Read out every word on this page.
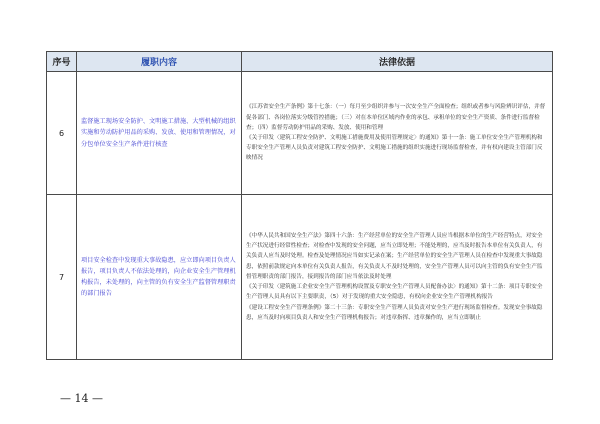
序号	履职内容	法律依据
6	监督施工现场安全防护、文明施工措施、大型机械的组织实施和劳动防护用品的采购、发放、使用和管理情况，对分包单位安全生产条件进行核查	《江苏省安全生产条例》第十七条：（一）每月至少组织并参与一次安全生产全面检查；组织或者参与风险辨识评估，并督促各部门、各岗位落实分级管控措施；（三）对在本单位区域内作业的承包、承租单位的安全生产资质、条件进行监督检查；（四）监督劳动防护用品的采购、发放、使用和管理
《关于印发〈建筑工程安全防护、文明施工措施费用及使用管理规定〉的通知》第十一条：施工单位安全生产管理机构和专职安全生产管理人员负责对建筑工程安全防护、文明施工措施的组织实施进行现场监督检查，并有权向建设主管部门反映情况

7	项目安全检查中发现重大事故隐患，应立即向项目负责人报告，项目负责人不依法处理的，向企业安全生产管理机构报告，未处理的，向主管的负有安全生产监督管理职责的部门报告	《中华人民共和国安全生产法》第四十六条：生产经营单位的安全生产管理人员应当根据本单位的生产经营特点，对安全生产状况进行经常性检查；对检查中发现的安全问题，应当立即处理；不能处理的，应当及时报告本单位有关负责人，有关负责人应当及时处理。检查及处理情况应当如实记录在案；生产经营单位的安全生产管理人员在检查中发现重大事故隐患，依照前款规定向本单位有关负责人报告，有关负责人不及时处理的，安全生产管理人员可以向主管的负有安全生产监督管理职责的部门报告，接到报告的部门应当依法及时处理
《关于印发〈建筑施工企业安全生产管理机构设置及专职安全生产管理人员配备办法〉的通知》第十二条：项目专职安全生产管理人员具有以下主要职责，（5）对于发现的重大安全隐患，有权向企业安全生产管理机构报告
《建设工程安全生产管理条例》第二十三条：专职安全生产管理人员负责对安全生产进行现场监督检查。发现安全事故隐患，应当及时向项目负责人和安全生产管理机构报告；对违章指挥、违章操作的，应当立即制止
— 14 —
